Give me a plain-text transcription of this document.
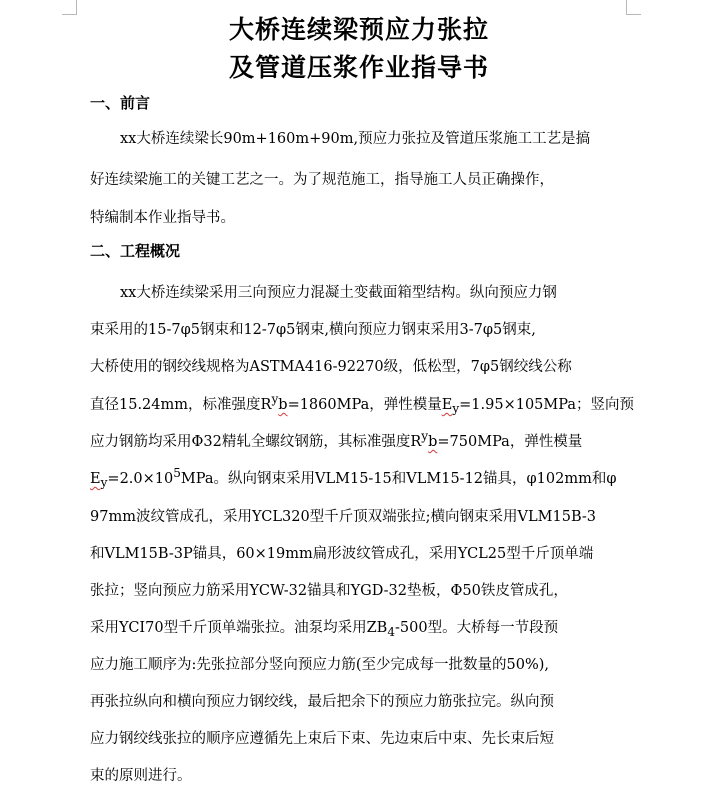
大桥连续梁预应力张拉
及管道压浆作业指导书
一、前言
xx大桥连续梁长90m+160m+90m,预应力张拉及管道压浆施工工艺是搞
好连续梁施工的关键工艺之一。为了规范施工，指导施工人员正确操作，
特编制本作业指导书。
二、工程概况
xx大桥连续梁采用三向预应力混凝土变截面箱型结构。纵向预应力钢
束采用的15-7φ5钢束和12-7φ5钢束,横向预应力钢束采用3-7φ5钢束,
大桥使用的钢绞线规格为ASTMA416-92270级，低松型，7φ5钢绞线公称
直径15.24mm，标准强度$R^yb=1860MPa$，弹性模量$E_y=1.95\times 105MPa$；竖向预
应力钢筋均采用Φ32精轧全螺纹钢筋，其标准强度$R^yb=750MPa$，弹性模量
$E_y=2.0\times 10^5MPa$。纵向钢束采用VLM15-15和VLM15-12锚具，φ102mm和φ
97mm波纹管成孔，采用YCL320型千斤顶双端张拉;横向钢束采用VLM15B-3
和VLM15B-3P锚具，60×19mm扁形波纹管成孔，采用YCL25型千斤顶单端
张拉；竖向预应力筋采用YCW-32锚具和YGD-32垫板，Φ50铁皮管成孔，
采用YCI70型千斤顶单端张拉。油泵均采用$ZB_4-500$型。大桥每一节段预
应力施工顺序为:先张拉部分竖向预应力筋(至少完成每一批数量的50%),
再张拉纵向和横向预应力钢绞线，最后把余下的预应力筋张拉完。纵向预
应力钢绞线张拉的顺序应遵循先上束后下束、先边束后中束、先长束后短
束的原则进行。
